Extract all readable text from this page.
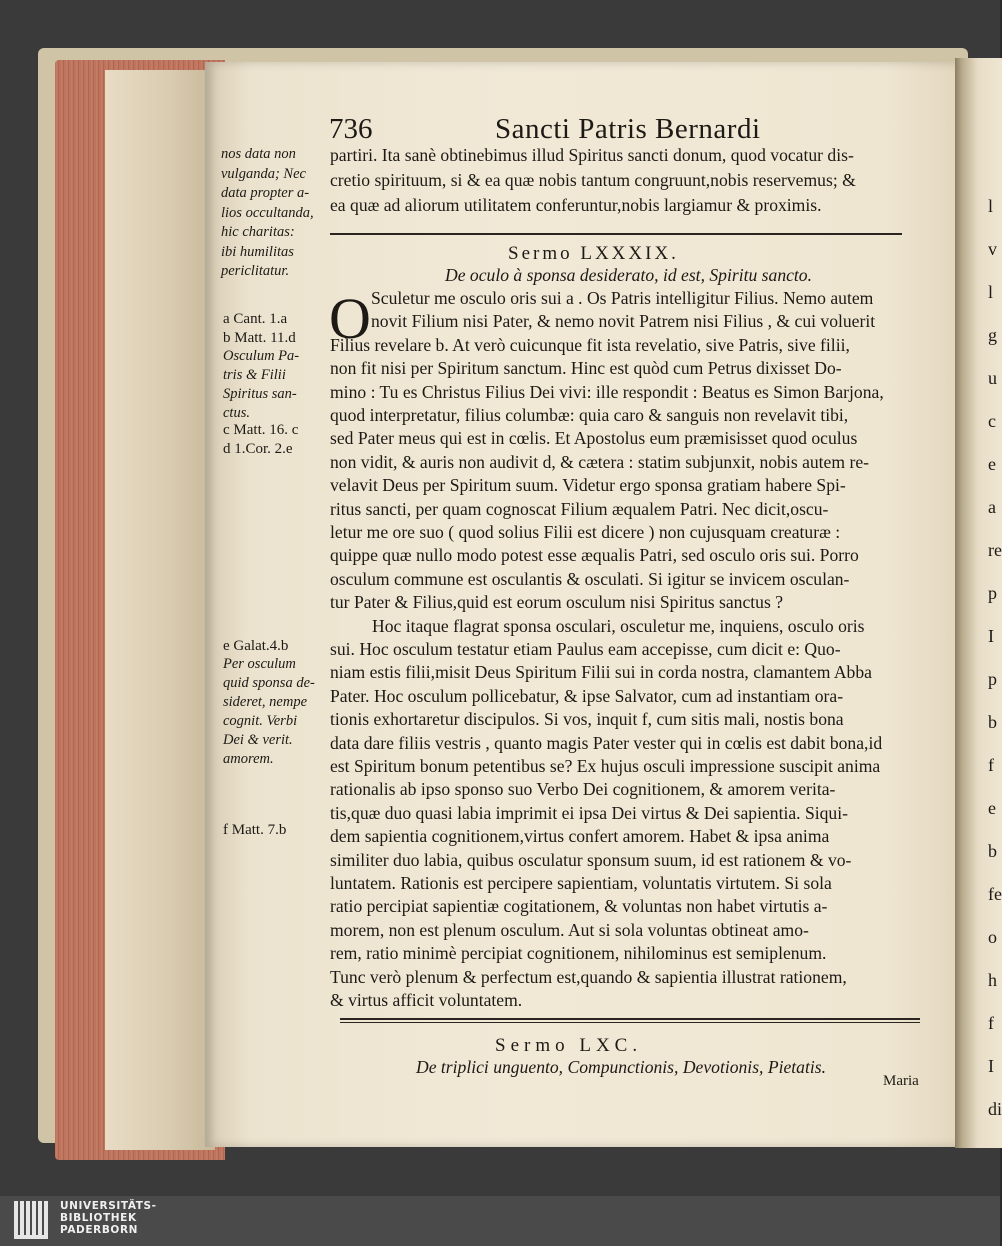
736	Sancti Patris Bernardi
partiri. Ita sanè obtinebimus illud Spiritus sancti donum, quod vocatur dis-
cretio spirituum, si & ea quæ nobis tantum congruunt,nobis reservemus; &
ea quæ ad aliorum utilitatem conferuntur,nobis largiamur & proximis.
Sermo LXXXIX.
De oculo à sponsa desiderato, id est, Spiritu sancto.
O Sculetur me osculo oris sui a . Os Patris intelligitur Filius. Nemo autem
novit Filium nisi Pater, & nemo novit Patrem nisi Filius , & cui voluerit
Filius revelare b. At verò cuicunque fit ista revelatio, sive Patris, sive filii,
non fit nisi per Spiritum sanctum. Hinc est quòd cum Petrus dixisset Do-
mino : Tu es Christus Filius Dei vivi: ille respondit : Beatus es Simon Barjona,
quod interpretatur, filius columbæ: quia caro & sanguis non revelavit tibi,
sed Pater meus qui est in cœlis. Et Apostolus eum præmisisset quod oculus
non vidit, & auris non audivit d, & cætera : statim subjunxit, nobis autem re-
velavit Deus per Spiritum suum. Videtur ergo sponsa gratiam habere Spi-
ritus sancti, per quam cognoscat Filium æqualem Patri. Nec dicit,oscu-
letur me ore suo ( quod solius Filii est dicere ) non cujusquam creaturæ :
quippe quæ nullo modo potest esse æqualis Patri, sed osculo oris sui. Porro
osculum commune est osculantis & osculati. Si igitur se invicem osculan-
tur Pater & Filius,quid est eorum osculum nisi Spiritus sanctus ?
Hoc itaque flagrat sponsa osculari, osculetur me, inquiens, osculo oris
sui. Hoc osculum testatur etiam Paulus eam accepisse, cum dicit e: Quo-
niam estis filii,misit Deus Spiritum Filii sui in corda nostra, clamantem Abba
Pater. Hoc osculum pollicebatur, & ipse Salvator, cum ad instantiam ora-
tionis exhortaretur discipulos. Si vos, inquit f, cum sitis mali, nostis bona
data dare filiis vestris , quanto magis Pater vester qui in cœlis est dabit bona,id
est Spiritum bonum petentibus se? Ex hujus osculi impressione suscipit anima
rationalis ab ipso sponso suo Verbo Dei cognitionem, & amorem verita-
tis,quæ duo quasi labia imprimit ei ipsa Dei virtus & Dei sapientia. Siqui-
dem sapientia cognitionem,virtus confert amorem. Habet & ipsa anima
similiter duo labia, quibus osculatur sponsum suum, id est rationem & vo-
luntatem. Rationis est percipere sapientiam, voluntatis virtutem. Si sola
ratio percipiat sapientiæ cogitationem, & voluntas non habet virtutis a-
morem, non est plenum osculum. Aut si sola voluntas obtineat amo-
rem, ratio minimè percipiat cognitionem, nihilominus est semiplenum.
Tunc verò plenum & perfectum est,quando & sapientia illustrat rationem,
& virtus afficit voluntatem.
Sermo LXC.
De triplici unguento, Compunctionis, Devotionis, Pietatis.
Maria
nos data non
vulganda; Nec
data propter a-
lios occultanda,
hic charitas:
ibi humilitas
periclitatur.
a Cant. 1.a
b Matt. 11.d
Osculum Pa-
tris & Filii
Spiritus san-
ctus.
c Matt. 16. c
d 1.Cor. 2.e
e Galat.4.b
Per osculum
quid sponsa de-
sideret, nempe
cognit. Verbi
Dei & verit.
amorem.
f Matt. 7.b
l
v
l
g
u
c
e
a
re
p
I
p
b
f
e
b
fe
o
h
f
I
di
UNIVERSITÄTS-
BIBLIOTHEK
PADERBORN
